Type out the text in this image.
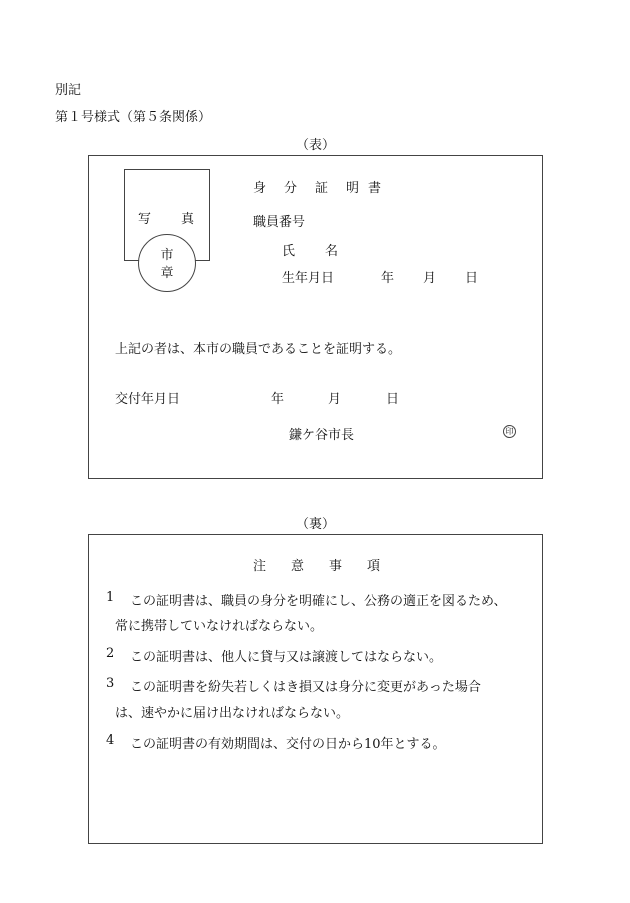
別記
第１号様式（第５条関係）
（表）
写 真
市
章
身 分 証 明 書
職員番号
氏 名
生年月日	年 月 日
上記の者は、本市の職員であることを証明する。
交付年月日	年	月	日
鎌ケ谷市長	印
（裏）
注 意 事 項
1 この証明書は、職員の身分を明確にし、公務の適正を図るため、
常に携帯していなければならない。
2 この証明書は、他人に貸与又は譲渡してはならない。
3 この証明書を紛失若しくはき損又は身分に変更があった場合
は、速やかに届け出なければならない。
4 この証明書の有効期間は、交付の日から10年とする。
